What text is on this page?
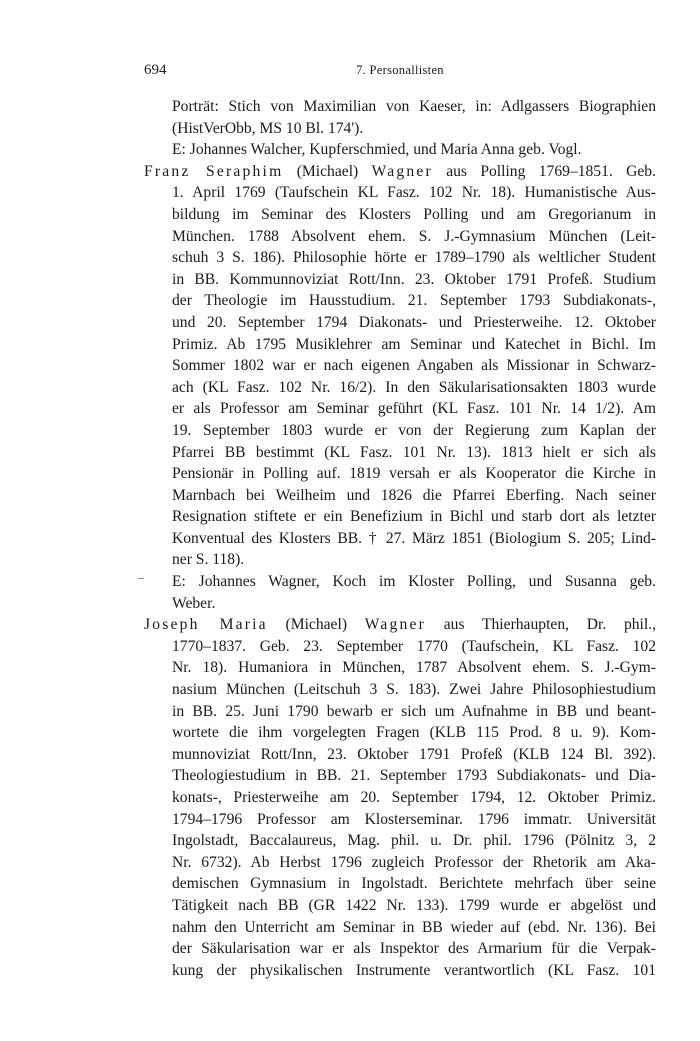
694	7. Personallisten
Porträt: Stich von Maximilian von Kaeser, in: Adlgassers Biographien
(HistVerObb, MS 10 Bl. 174').
E: Johannes Walcher, Kupferschmied, und Maria Anna geb. Vogl.
Franz Seraphim (Michael) Wagner aus Polling 1769–1851. Geb.
1. April 1769 (Taufschein KL Fasz. 102 Nr. 18). Humanistische Aus-
bildung im Seminar des Klosters Polling und am Gregorianum in
München. 1788 Absolvent ehem. S. J.-Gymnasium München (Leit-
schuh 3 S. 186). Philosophie hörte er 1789–1790 als weltlicher Student
in BB. Kommunnoviziat Rott/Inn. 23. Oktober 1791 Profeß. Studium
der Theologie im Hausstudium. 21. September 1793 Subdiakonats-,
und 20. September 1794 Diakonats- und Priesterweihe. 12. Oktober
Primiz. Ab 1795 Musiklehrer am Seminar und Katechet in Bichl. Im
Sommer 1802 war er nach eigenen Angaben als Missionar in Schwarz-
ach (KL Fasz. 102 Nr. 16/2). In den Säkularisationsakten 1803 wurde
er als Professor am Seminar geführt (KL Fasz. 101 Nr. 14 1/2). Am
19. September 1803 wurde er von der Regierung zum Kaplan der
Pfarrei BB bestimmt (KL Fasz. 101 Nr. 13). 1813 hielt er sich als
Pensionär in Polling auf. 1819 versah er als Kooperator die Kirche in
Marnbach bei Weilheim und 1826 die Pfarrei Eberfing. Nach seiner
Resignation stiftete er ein Benefizium in Bichl und starb dort als letzter
Konventual des Klosters BB. † 27. März 1851 (Biologium S. 205; Lind-
ner S. 118).
E: Johannes Wagner, Koch im Kloster Polling, und Susanna geb.
Weber.
Joseph Maria (Michael) Wagner aus Thierhaupten, Dr. phil.,
1770–1837. Geb. 23. September 1770 (Taufschein, KL Fasz. 102
Nr. 18). Humaniora in München, 1787 Absolvent ehem. S. J.-Gym-
nasium München (Leitschuh 3 S. 183). Zwei Jahre Philosophiestudium
in BB. 25. Juni 1790 bewarb er sich um Aufnahme in BB und beant-
wortete die ihm vorgelegten Fragen (KLB 115 Prod. 8 u. 9). Kom-
munnoviziat Rott/Inn, 23. Oktober 1791 Profeß (KLB 124 Bl. 392).
Theologiestudium in BB. 21. September 1793 Subdiakonats- und Dia-
konats-, Priesterweihe am 20. September 1794, 12. Oktober Primiz.
1794–1796 Professor am Klosterseminar. 1796 immatr. Universität
Ingolstadt, Baccalaureus, Mag. phil. u. Dr. phil. 1796 (Pölnitz 3, 2
Nr. 6732). Ab Herbst 1796 zugleich Professor der Rhetorik am Aka-
demischen Gymnasium in Ingolstadt. Berichtete mehrfach über seine
Tätigkeit nach BB (GR 1422 Nr. 133). 1799 wurde er abgelöst und
nahm den Unterricht am Seminar in BB wieder auf (ebd. Nr. 136). Bei
der Säkularisation war er als Inspektor des Armarium für die Verpak-
kung der physikalischen Instrumente verantwortlich (KL Fasz. 101
